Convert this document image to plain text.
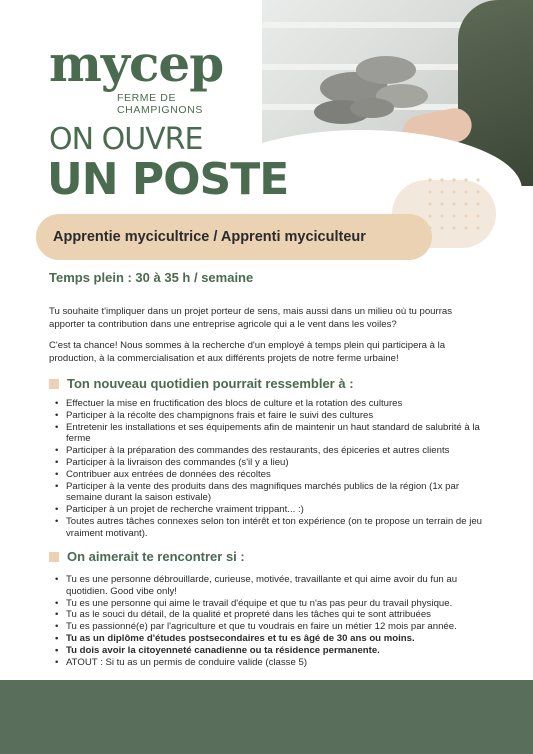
mycep
FERME DE
CHAMPIGNONS
ON OUVRE
UN POSTE
Apprentie mycicultrice / Apprenti myciculteur
Temps plein : 30 à 35 h / semaine

Tu souhaite t'impliquer dans un projet porteur de sens, mais aussi dans un milieu où tu pourras apporter ta contribution dans une entreprise agricole qui a le vent dans les voiles?

C'est ta chance! Nous sommes à la recherche d'un employé à temps plein qui participera à la production, à la commercialisation et aux différents projets de notre ferme urbaine!

Ton nouveau quotidien pourrait ressembler à :
• Effectuer la mise en fructification des blocs de culture et la rotation des cultures
• Participer à la récolte des champignons frais et faire le suivi des cultures
• Entretenir les installations et ses équipements afin de maintenir un haut standard de salubrité à la ferme
• Participer à la préparation des commandes des restaurants, des épiceries et autres clients
• Participer à la livraison des commandes (s'il y a lieu)
• Contribuer aux entrées de données des récoltes
• Participer à la vente des produits dans des magnifiques marchés publics de la région (1x par semaine durant la saison estivale)
• Participer à un projet de recherche vraiment trippant... :)
• Toutes autres tâches connexes selon ton intérêt et ton expérience (on te propose un terrain de jeu vraiment motivant).
On aimerait te rencontrer si :
• Tu es une personne débrouillarde, curieuse, motivée, travaillante et qui aime avoir du fun au quotidien. Good vibe only!
• Tu es une personne qui aime le travail d'équipe et que tu n'as pas peur du travail physique.
• Tu as le souci du détail, de la qualité et propreté dans les tâches qui te sont attribuées
• Tu es passionné(e) par l'agriculture et que tu voudrais en faire un métier 12 mois par année.
• Tu as un diplôme d'études postsecondaires et tu es âgé de 30 ans ou moins.
• Tu dois avoir la citoyenneté canadienne ou ta résidence permanente.
• ATOUT : Si tu as un permis de conduire valide (classe 5)
